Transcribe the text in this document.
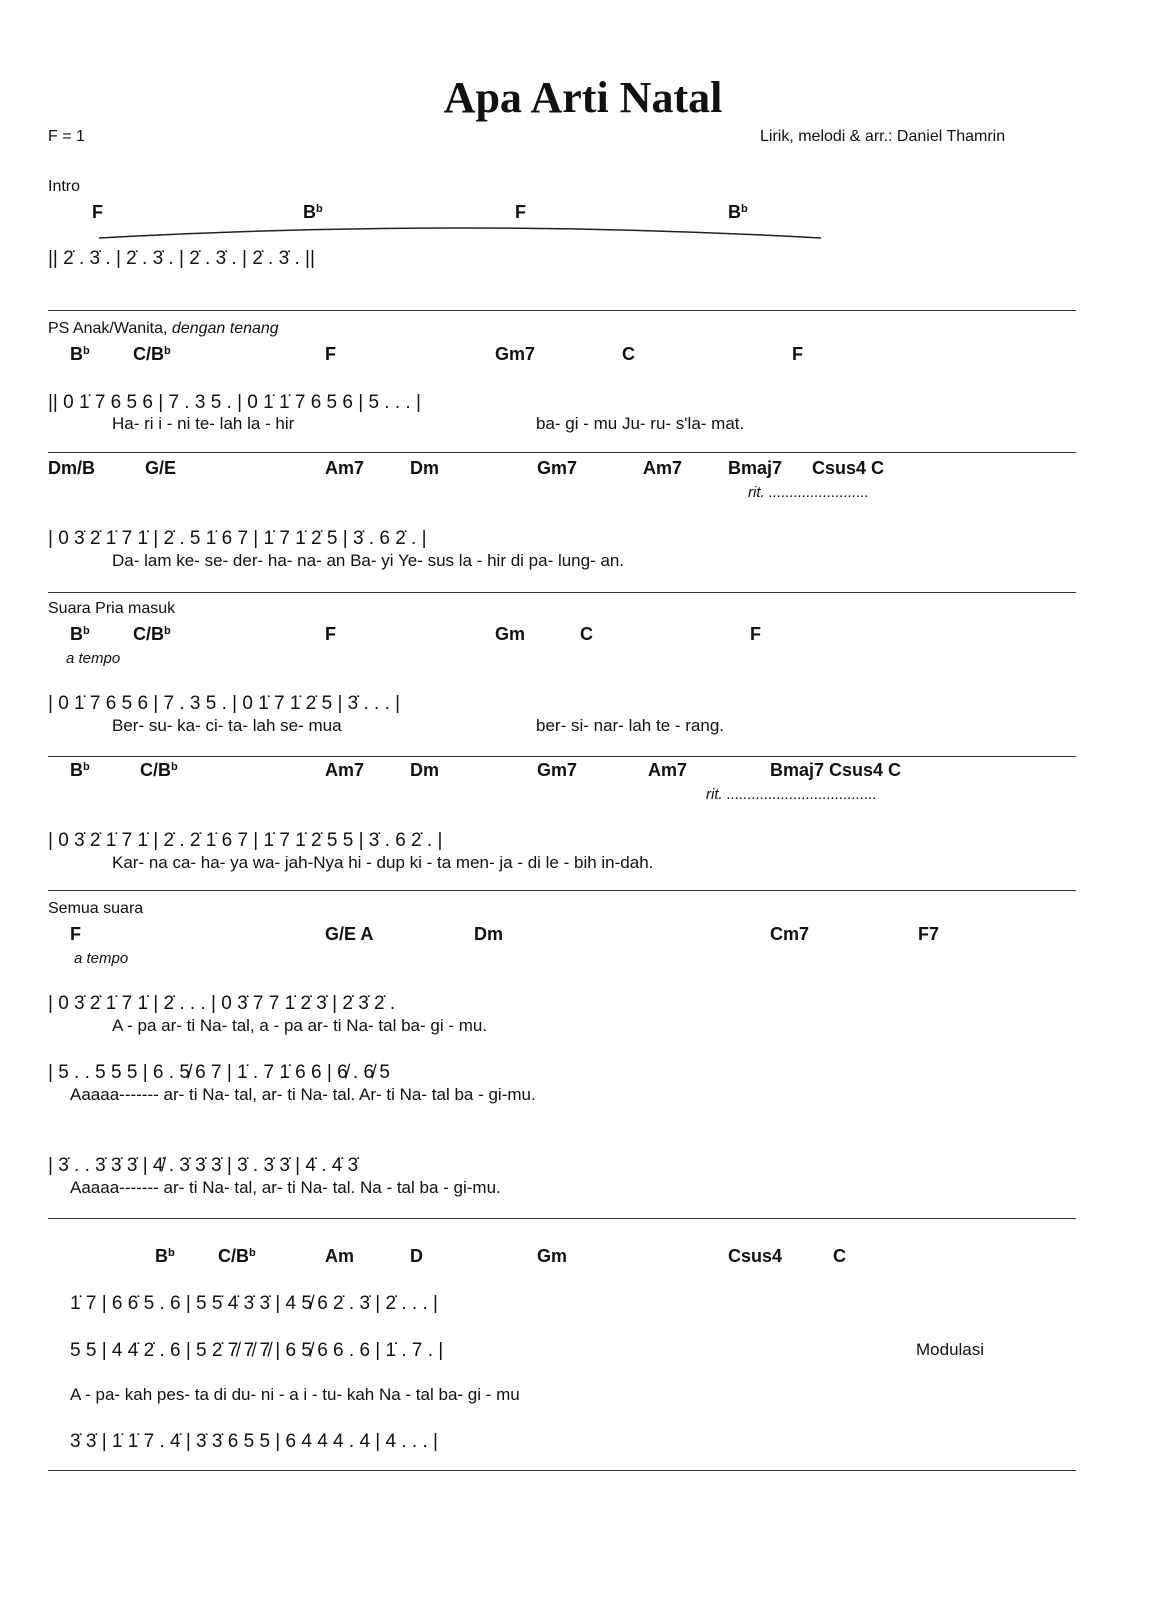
Apa Arti Natal
F = 1	Lirik, melodi & arr.: Daniel Thamrin
Intro
F	$B^b$	F	$B^b$
|| 2̇ . 3̇ . | 2̇ . 3̇ . | 2̇ . 3̇ . | 2̇ . 3̇ . ||
PS Anak/Wanita, dengan tenang
$B^b$ $C/B^b$	F	Gm7	C	F
|| 0 1̇ 7 6 5 6 | 7 . 3 5 . | 0 1̇ 1̇ 7 6 5 6 | 5 . . . |
Ha- ri i - ni te- lah la - hir	ba- gi - mu Ju- ru- s'la- mat.
Dm/B	G/E	Am7	Dm	Gm7	Am7	Bmaj7 Csus4 C
rit. ........................
| 0 3̇ 2̇ 1̇ 7 1̇ | 2̇ . 5 1̇ 6 7 | 1̇ 7 1̇ 2̇ 5 | 3̇ . 6 2̇ . |
Da- lam ke- se- der- ha- na- an Ba- yi Ye- sus la - hir di pa- lung- an.
Suara Pria masuk
$B^b$ $C/B^b$	F	Gm	C	F
a tempo
| 0 1̇ 7 6 5 6 | 7 . 3 5 . | 0 1̇ 7 1̇ 2̇ 5 | 3̇ . . . |
Ber- su- ka- ci- ta- lah se- mua	ber- si- nar- lah te - rang.
$B^b$	$C/B^b$	Am7	Dm	Gm7	Am7	Bmaj7 Csus4 C
rit. ....................................
| 0 3̇ 2̇ 1̇ 7 1̇ | 2̇ . 2̇ 1̇ 6 7 | 1̇ 7 1̇ 2̇ 5 5 | 3̇ . 6 2̇ . |
Kar- na ca- ha- ya wa- jah-Nya hi - dup ki - ta men- ja - di le - bih in-dah.
Semua suara
F	G/E A	Dm	Cm7	F7
a tempo
| 0 3̇ 2̇ 1̇ 7 1̇ | 2̇ . . . | 0 3̇ 7 7 1̇ 2̇ 3̇ | 2̇ 3̇ 2̇ .
A - pa ar- ti Na- tal, a - pa ar- ti Na- tal ba- gi - mu.
| 5 . . 5 5 5 | 6 . 5̸ 6 7 | 1̇ . 7 1̇ 6 6 | 6̸ . 6̸ 5
Aaaaa------- ar- ti Na- tal, ar- ti Na- tal. Ar- ti Na- tal ba - gi-mu.
| 3̇ . . 3̇ 3̇ 3̇ | 4̸̇ . 3̇ 3̇ 3̇ | 3̇ . 3̇ 3̇ | 4̇ . 4̇ 3̇
Aaaaa------- ar- ti Na- tal, ar- ti Na- tal. Na - tal ba - gi-mu.
$B^b$ $C/B^b$	Am	D	Gm	Csus4	C
1̇ 7 | 6 6̇ 5 . 6 | 5 5̇ 4̇ 3̇ 3̇ | 4 5̸ 6 2̇ . 3̇ | 2̇ . . . |
5 5 | 4 4̇ 2̇ . 6 | 5 2̇ 7̸ 7̸ 7̸ | 6 5̸ 6 6 . 6 | 1̇ . 7 . |	Modulasi
A - pa- kah pes- ta di du- ni - a i - tu- kah Na - tal ba- gi - mu
3̇ 3̇ | 1̇ 1̇ 7 . 4̇ | 3̇ 3̇ 6 5 5 | 6 4 4 4 . 4 | 4 . . . |
